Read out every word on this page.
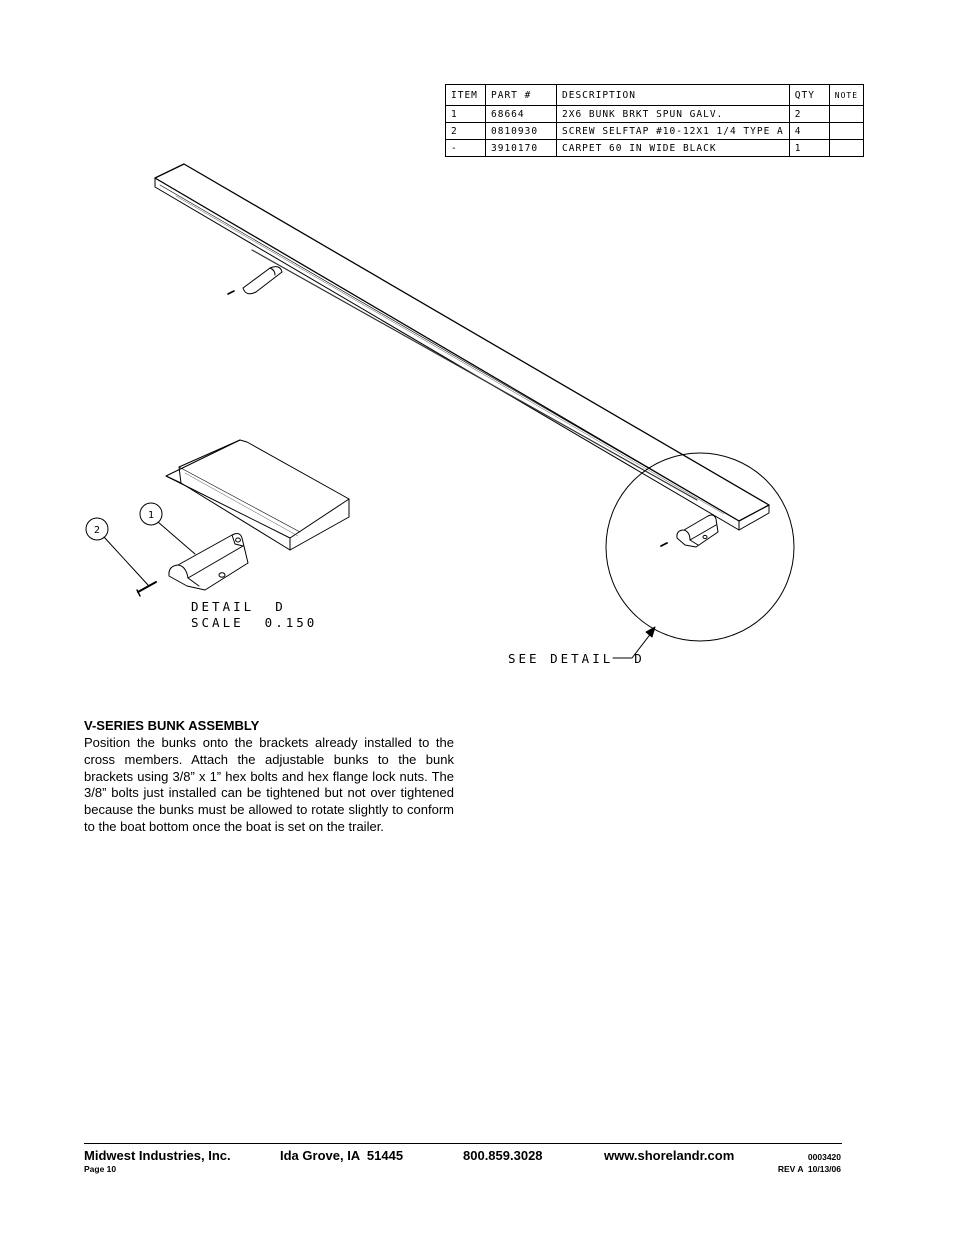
ITEM	PART #	DESCRIPTION	QTY	NOTE
1	68664	2X6 BUNK BRKT SPUN GALV.	2	
2	0810930	SCREW SELFTAP #10-12X1 1/4 TYPE A	4	
-	3910170	CARPET 60 IN WIDE BLACK	1	
1
2
DETAIL  D
SCALE  0.150
SEE DETAIL  D
V-SERIES BUNK ASSEMBLY
Position the bunks onto the brackets already installed to the cross members. Attach the adjustable bunks to the bunk brackets using 3/8” x 1” hex bolts and hex flange lock nuts. The 3/8” bolts just installed can be tightened but not over tightened because the bunks must be allowed to rotate slightly to conform to the boat bottom once the boat is set on the trailer.
Midwest Industries, Inc.	Ida Grove, IA  51445	800.859.3028	www.shorelandr.com
Page 10
0003420
REV A  10/13/06
